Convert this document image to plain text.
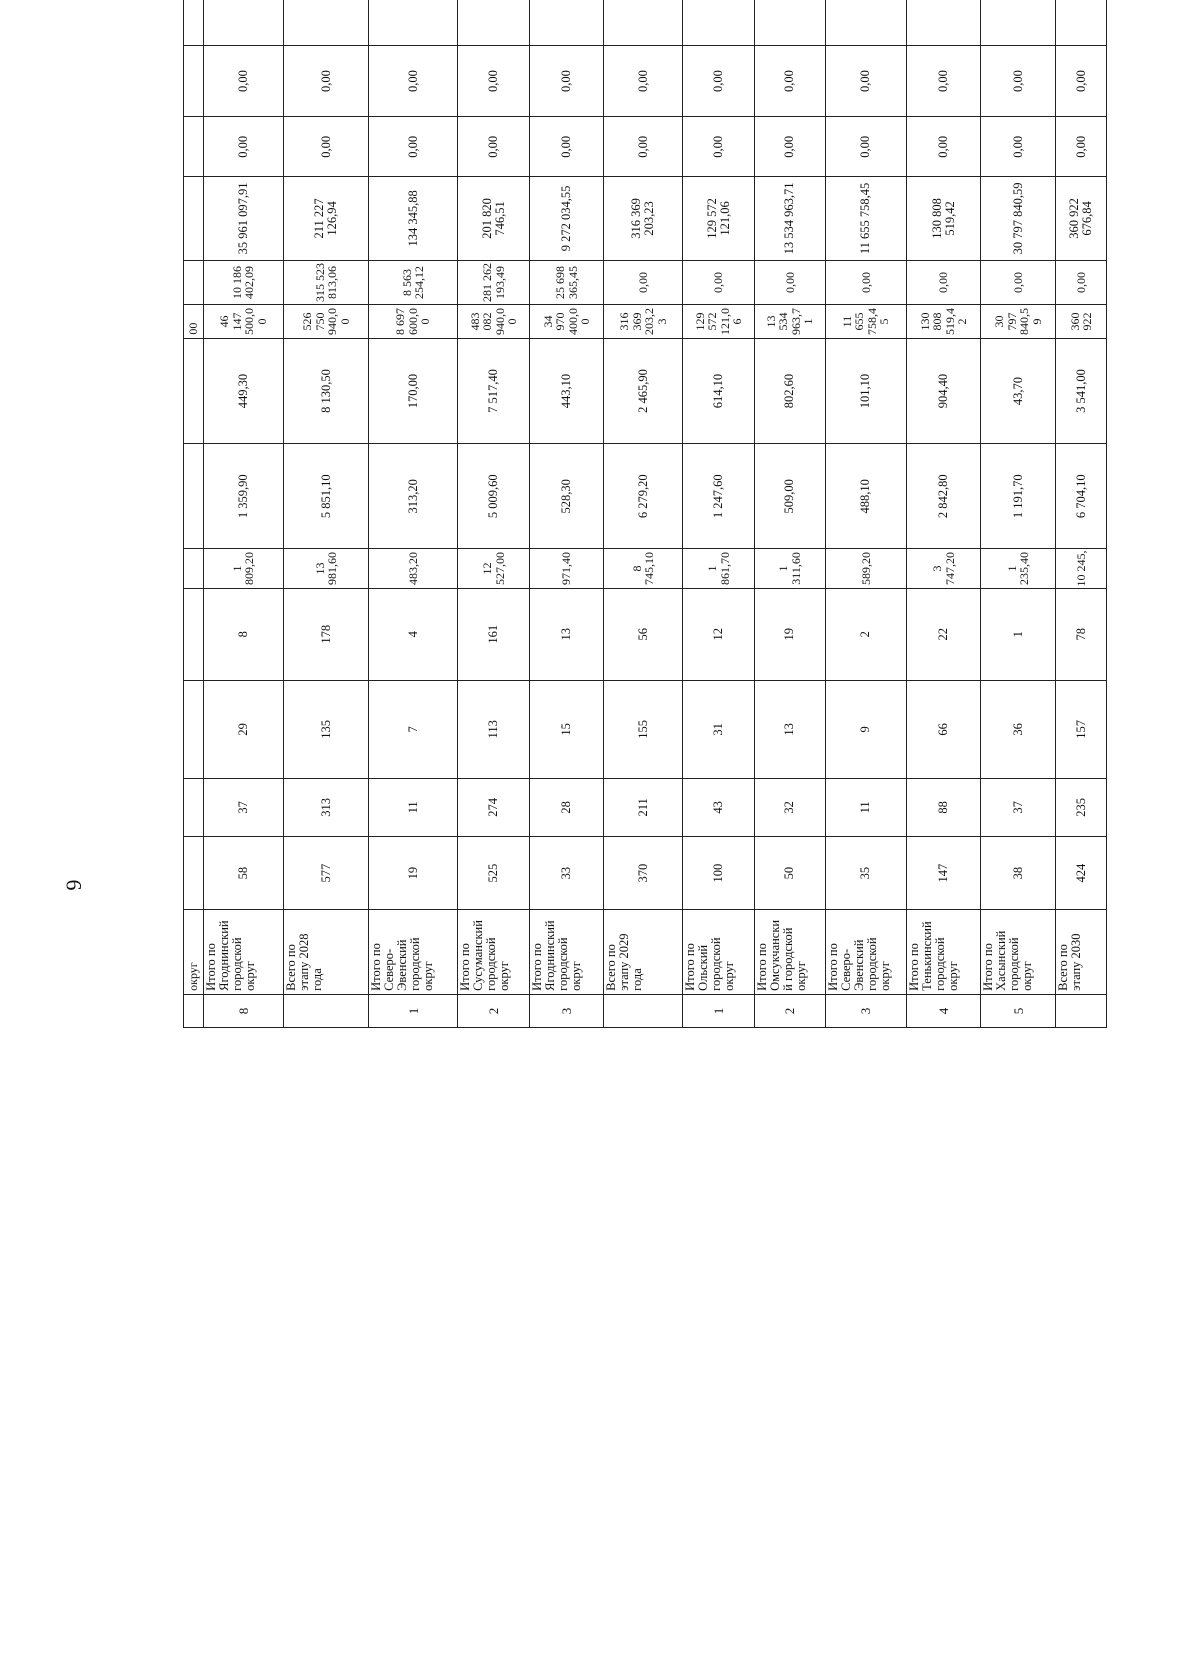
6
	округ								00									
8	Итого по Ягоднинский городской округ	58	37	29	8	1 809,20	1 359,90	449,30	46 147 500,00	10 186 402,09	35 961 097,91	0,00	0,00					
	Всего по этапу 2028 года	577	313	135	178	13 981,60	5 851,10	8 130,50	526 750 940,00	315 523 813,06	211 227 126,94	0,00	0,00					
1	Итого по Северо-Эвенский городской округ	19	11	7	4	483,20	313,20	170,00	8 697 600,00	8 563 254,12	134 345,88	0,00	0,00					
2	Итого по Сусуманский городской округ	525	274	113	161	12 527,00	5 009,60	7 517,40	483 082 940,00	281 262 193,49	201 820 746,51	0,00	0,00					
3	Итого по Ягоднинский городской округ	33	28	15	13	971,40	528,30	443,10	34 970 400,00	25 698 365,45	9 272 034,55	0,00	0,00					
	Всего по этапу 2029 года	370	211	155	56	8 745,10	6 279,20	2 465,90	316 369 203,23	0,00	316 369 203,23	0,00	0,00					
1	Итого по Ольский городской округ	100	43	31	12	1 861,70	1 247,60	614,10	129 572 121,06	0,00	129 572 121,06	0,00	0,00					
2	Итого по Омсукчанский городской округ	50	32	13	19	1 311,60	509,00	802,60	13 534 963,71	0,00	13 534 963,71	0,00	0,00					
3	Итого по Северо-Эвенский городской округ	35	11	9	2	589,20	488,10	101,10	11 655 758,45	0,00	11 655 758,45	0,00	0,00					
4	Итого по Тенькинский городской округ	147	88	66	22	3 747,20	2 842,80	904,40	130 808 519,42	0,00	130 808 519,42	0,00	0,00					
5	Итого по Хасынский городской округ	38	37	36	1	1 235,40	1 191,70	43,70	30 797 840,59	0,00	30 797 840,59	0,00	0,00					
	Всего по этапу 2030	424	235	157	78	10 245,	6 704,10	3 541,00	360 922	0,00	360 922 676,84	0,00	0,00					
